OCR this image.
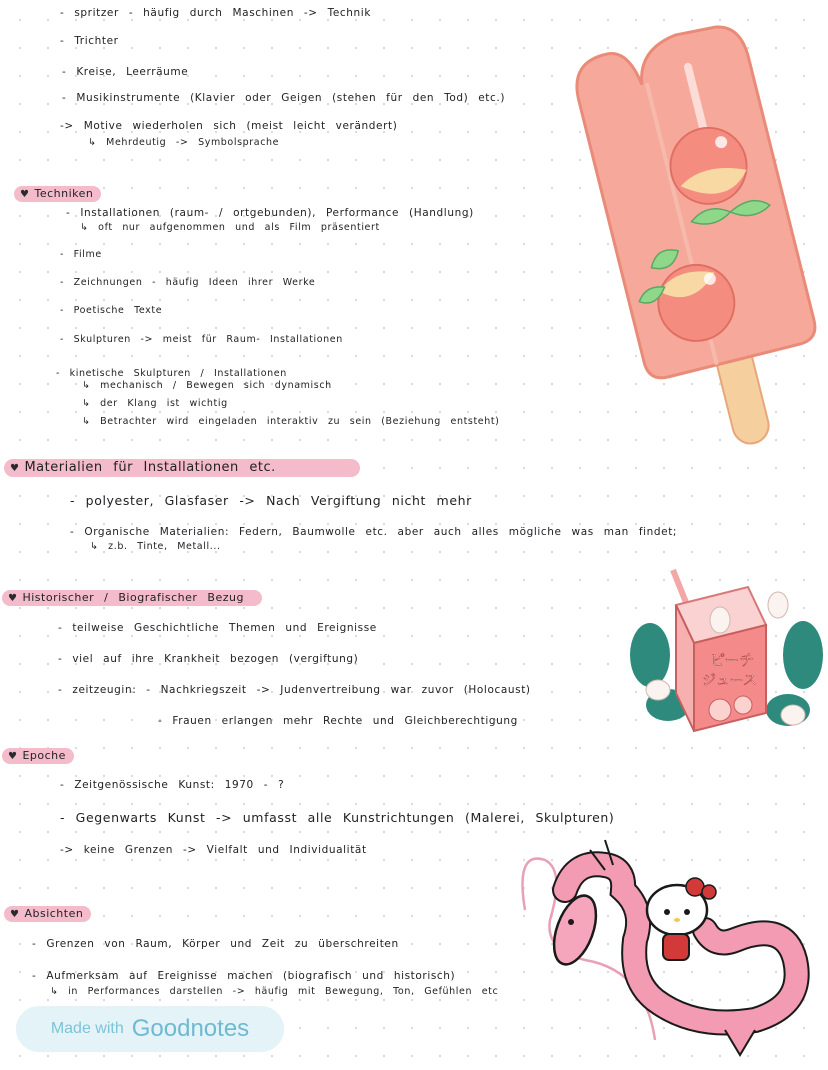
- spritzer - häufig durch Maschinen -> Technik
- Trichter
- Kreise, Leerräume
- Musikinstrumente (Klavier oder Geigen (stehen für den Tod) etc.)
-> Motive wiederholen sich (meist leicht verändert)
↳ Mehrdeutig -> Symbolsprache
♥ Techniken
- Installationen (raum- / ortgebunden), Performance (Handlung)
↳ oft nur aufgenommen und als Film präsentiert
- Filme
- Zeichnungen - häufig Ideen ihrer Werke
- Poetische Texte
- Skulpturen -> meist für Raum- Installationen
- kinetische Skulpturen / Installationen
↳ mechanisch / Bewegen sich dynamisch
↳ der Klang ist wichtig
↳ Betrachter wird eingeladen interaktiv zu sein (Beziehung entsteht)
♥ Materialien für Installationen etc.
- polyester, Glasfaser -> Nach Vergiftung nicht mehr
- Organische Materialien: Federn, Baumwolle etc. aber auch alles mögliche was man findet;
↳ z.b. Tinte, Metall...
♥ Historischer / Biografischer Bezug
- teilweise Geschichtliche Themen und Ereignisse
- viel auf ihre Krankheit bezogen (vergiftung)
- zeitzeugin: - Nachkriegszeit -> Judenvertreibung war zuvor (Holocaust)
- Frauen erlangen mehr Rechte und Gleichberechtigung
♥ Epoche
- Zeitgenössische Kunst: 1970 - ?
- Gegenwarts Kunst -> umfasst alle Kunstrichtungen (Malerei, Skulpturen)
-> keine Grenzen -> Vielfalt und Individualität
♥ Absichten
- Grenzen von Raum, Körper und Zeit zu überschreiten
- Aufmerksam auf Ereignisse machen (biografisch und historisch)
↳ in Performances darstellen -> häufig mit Bewegung, Ton, Gefühlen etc
Made with Goodnotes
ピーチ
ジュース
